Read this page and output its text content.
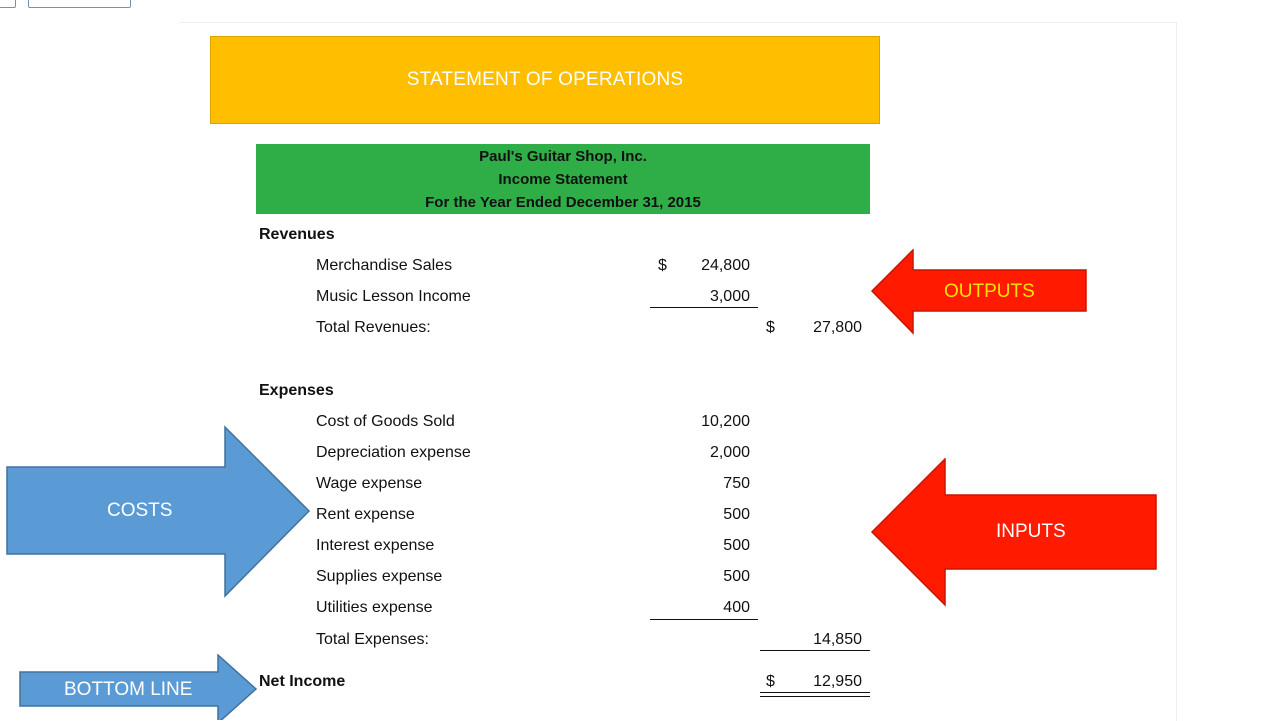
STATEMENT OF OPERATIONS
Paul's Guitar Shop, Inc.
Income Statement
For the Year Ended December 31, 2015
Revenues
Merchandise Sales	$	24,800
Music Lesson Income	3,000
Total Revenues:	$	27,800
Expenses
Cost of Goods Sold	10,200
Depreciation expense	2,000
Wage expense	750
Rent expense	500
Interest expense	500
Supplies expense	500
Utilities expense	400
Total Expenses:	14,850
Net Income	$	12,950
OUTPUTS
COSTS
INPUTS
BOTTOM LINE
